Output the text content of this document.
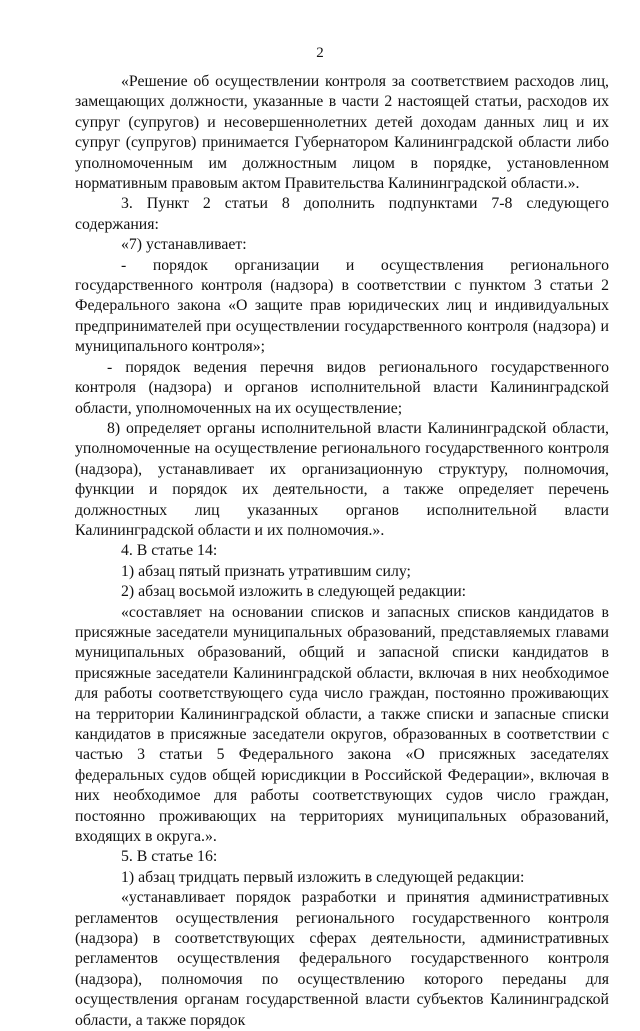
2

«Решение об осуществлении контроля за соответствием расходов лиц, замещающих должности, указанные в части 2 настоящей статьи, расходов их супруг (супругов) и несовершеннолетних детей доходам данных лиц и их супруг (супругов) принимается Губернатором Калининградской области либо уполномоченным им должностным лицом в порядке, установленном нормативным правовым актом Правительства Калининградской области.».

3. Пункт 2 статьи 8 дополнить подпунктами 7-8 следующего содержания:

«7) устанавливает:

- порядок организации и осуществления регионального государственного контроля (надзора) в соответствии с пунктом 3 статьи 2 Федерального закона «О защите прав юридических лиц и индивидуальных предпринимателей при осуществлении государственного контроля (надзора) и муниципального контроля»;

- порядок ведения перечня видов регионального государственного контроля (надзора) и органов исполнительной власти Калининградской области, уполномоченных на их осуществление;

8) определяет органы исполнительной власти Калининградской области, уполномоченные на осуществление регионального государственного контроля (надзора), устанавливает их организационную структуру, полномочия, функции и порядок их деятельности, а также определяет перечень должностных лиц указанных органов исполнительной власти Калининградской области и их полномочия.».

4. В статье 14:

1) абзац пятый признать утратившим силу;

2) абзац восьмой изложить в следующей редакции:

«составляет на основании списков и запасных списков кандидатов в присяжные заседатели муниципальных образований, представляемых главами муниципальных образований, общий и запасной списки кандидатов в присяжные заседатели Калининградской области, включая в них необходимое для работы соответствующего суда число граждан, постоянно проживающих на территории Калининградской области, а также списки и запасные списки кандидатов в присяжные заседатели округов, образованных в соответствии с частью 3 статьи 5 Федерального закона «О присяжных заседателях федеральных судов общей юрисдикции в Российской Федерации», включая в них необходимое для работы соответствующих судов число граждан, постоянно проживающих на территориях муниципальных образований, входящих в округа.».

5. В статье 16:

1) абзац тридцать первый изложить в следующей редакции:

«устанавливает порядок разработки и принятия административных регламентов осуществления регионального государственного контроля (надзора) в соответствующих сферах деятельности, административных регламентов осуществления федерального государственного контроля (надзора), полномочия по осуществлению которого переданы для осуществления органам государственной власти субъектов Калининградской области, а также порядок
